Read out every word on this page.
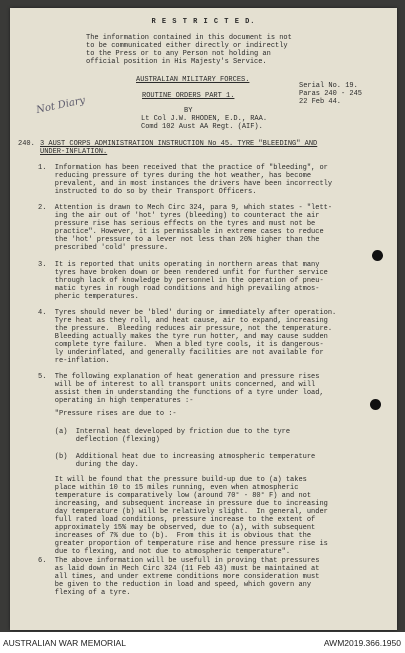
R E S T R I C T E D.
The information contained in this document is not
to be communicated either directly or indirectly
to the Press or to any Person not holding an
official position in His Majesty's Service.
AUSTRALIAN MILITARY FORCES.
Serial No. 19.
Paras 240 - 245
22 Feb 44.
Not Diary	ROUTINE ORDERS PART 1.
BY
Lt Col J.W. RHODEN, E.D., RAA.
Comd 102 Aust AA Regt. (AIF).
240. 3 AUST CORPS ADMINISTRATION INSTRUCTION No 45. TYRE "BLEEDING" AND
UNDER-INFLATION.
1.  Information has been received that the practice of "bleeding", or
reducing pressure of tyres during the hot weather, has become
prevalent, and in most instances the drivers have been incorrectly
instructed to do so by their Transport Officers.
2.  Attention is drawn to Mech Circ 324, para 9, which states - "lett-
ing the air out of 'hot' tyres (bleeding) to counteract the air
pressure rise has serious effects on the tyres and must not be
practice". However, it is permissable in extreme cases to reduce
the 'hot' pressure to a lever not less than 20% higher than the
prescribed 'cold' pressure.
3.  It is reported that units operating in northern areas that many
tyres have broken down or been rendered unfit for further service
through lack of knowledge by personnel in the operation of pneu-
matic tyres in rough road conditions and high prevailing atmos-
pheric temperatures.
4.  Tyres should never be 'bled' during or immediately after operation.
Tyre heat as they roll, and heat cause, air to expand, increasing
the pressure.  Bleeding reduces air pressure, not the temperature.
Bleeding actually makes the tyre run hotter, and may cause sudden
complete tyre failure.  When a bled tyre cools, it is dangerous-
ly underinflated, and generally facilities are not available for
re-inflation.
5.  The following explanation of heat generation and pressure rises
will be of interest to all transport units concerned, and will
assist them in understanding the functions of a tyre under load,
operating in high temperatures :-
"Pressure rises are due to :-
(a)  Internal heat developed by friction due to the tyre
deflection (flexing)
(b)  Additional heat due to increasing atmospheric temperature
during the day.
It will be found that the pressure build-up due to (a) takes
place within 10 to 15 miles running, even when atmospheric
temperature is comparatively low (around 70° - 80° F) and not
increasing, and subsequent increase in pressure due to increasing
day temperature (b) will be relatively slight.  In general, under
full rated load conditions, pressure increase to the extent of
approximately 15% may be observed, due to (a), with subsequent
increases of 7% due to (b).  From this it is obvious that the
greater proportion of temperature rise and hence pressure rise is
due to flexing, and not due to atmospheric temperature".
6.  The above information will be usefull in proving that pressures
as laid down in Mech Circ 324 (11 Feb 43) must be maintained at
all times, and under extreme conditions more consideration must
be given to the reduction in load and speed, which govern any
flexing of a tyre.
AUSTRALIAN WAR MEMORIAL	AWM2019.366.1950
